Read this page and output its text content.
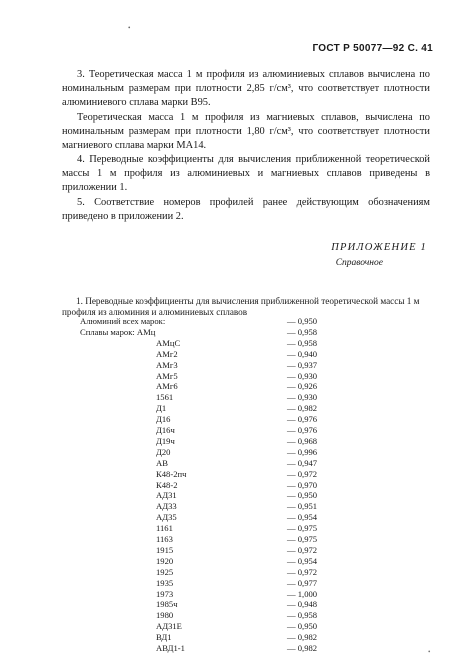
•
ГОСТ Р 50077—92 С. 41

3. Теоретическая масса 1 м профиля из алюминиевых сплавов вычислена по номинальным размерам при плотности 2,85 г/см³, что соответствует плотности алюминиевого сплава марки В95.

Теоретическая масса 1 м профиля из магниевых сплавов, вычислена по номинальным размерам при плотности 1,80 г/см³, что соответствует плотности магниевого сплава марки МА14.

4. Переводные коэффициенты для вычисления приближенной теоретической массы 1 м профиля из алюминиевых и магниевых сплавов приведены в приложении 1.

5. Соответствие номеров профилей ранее действующим обозначениям приведено в приложении 2.

ПРИЛОЖЕНИЕ 1
Справочное

1. Переводные коэффициенты для вычисления приближенной теоретической массы 1 м профиля из алюминия и алюминиевых сплавов

Алюминий всех марок:	— 0,950
Сплавы марок: АМц	— 0,958
АМцС	— 0,958
АМг2	— 0,940
АМг3	— 0,937
АМг5	— 0,930
АМг6	— 0,926
1561	— 0,930
Д1	— 0,982
Д16	— 0,976
Д16ч	— 0,976
Д19ч	— 0,968
Д20	— 0,996
АВ	— 0,947
К48-2пч	— 0,972
К48-2	— 0,970
АД31	— 0,950
АД33	— 0,951
АД35	— 0,954
1161	— 0,975
1163	— 0,975
1915	— 0,972
1920	— 0,954
1925	— 0,972
1935	— 0,977
1973	— 1,000
1985ч	— 0,948
1980	— 0,958
АД31Е	— 0,950
ВД1	— 0,982
АВД1-1	— 0,982	•
